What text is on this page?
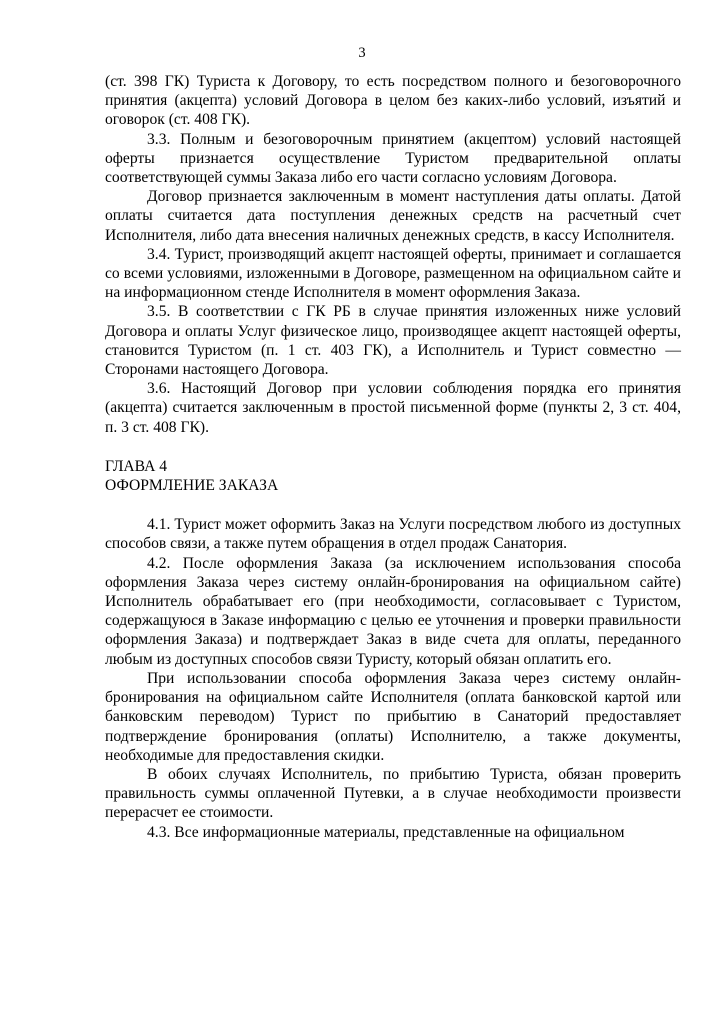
3

(ст. 398 ГК) Туриста к Договору, то есть посредством полного и безоговорочного принятия (акцепта) условий Договора в целом без каких-либо условий, изъятий и оговорок (ст. 408 ГК).

3.3. Полным и безоговорочным принятием (акцептом) условий настоящей оферты признается осуществление Туристом предварительной оплаты соответствующей суммы Заказа либо его части согласно условиям Договора.

Договор признается заключенным в момент наступления даты оплаты. Датой оплаты считается дата поступления денежных средств на расчетный счет Исполнителя, либо дата внесения наличных денежных средств, в кассу Исполнителя.

3.4. Турист, производящий акцепт настоящей оферты, принимает и соглашается со всеми условиями, изложенными в Договоре, размещенном на официальном сайте и на информационном стенде Исполнителя в момент оформления Заказа.

3.5. В соответствии с ГК РБ в случае принятия изложенных ниже условий Договора и оплаты Услуг физическое лицо, производящее акцепт настоящей оферты, становится Туристом (п. 1 ст. 403 ГК), а Исполнитель и Турист совместно — Сторонами настоящего Договора.

3.6. Настоящий Договор при условии соблюдения порядка его принятия (акцепта) считается заключенным в простой письменной форме (пункты 2, 3 ст. 404, п. 3 ст. 408 ГК).

ГЛАВА 4

ОФОРМЛЕНИЕ ЗАКАЗА

4.1. Турист может оформить Заказ на Услуги посредством любого из доступных способов связи, а также путем обращения в отдел продаж Санатория.

4.2. После оформления Заказа (за исключением использования способа оформления Заказа через систему онлайн-бронирования на официальном сайте) Исполнитель обрабатывает его (при необходимости, согласовывает с Туристом, содержащуюся в Заказе информацию с целью ее уточнения и проверки правильности оформления Заказа) и подтверждает Заказ в виде счета для оплаты, переданного любым из доступных способов связи Туристу, который обязан оплатить его.

При использовании способа оформления Заказа через систему онлайн-бронирования на официальном сайте Исполнителя (оплата банковской картой или банковским переводом) Турист по прибытию в Санаторий предоставляет подтверждение бронирования (оплаты) Исполнителю, а также документы, необходимые для предоставления скидки.

В обоих случаях Исполнитель, по прибытию Туриста, обязан проверить правильность суммы оплаченной Путевки, а в случае необходимости произвести перерасчет ее стоимости.

4.3. Все информационные материалы, представленные на официальном
